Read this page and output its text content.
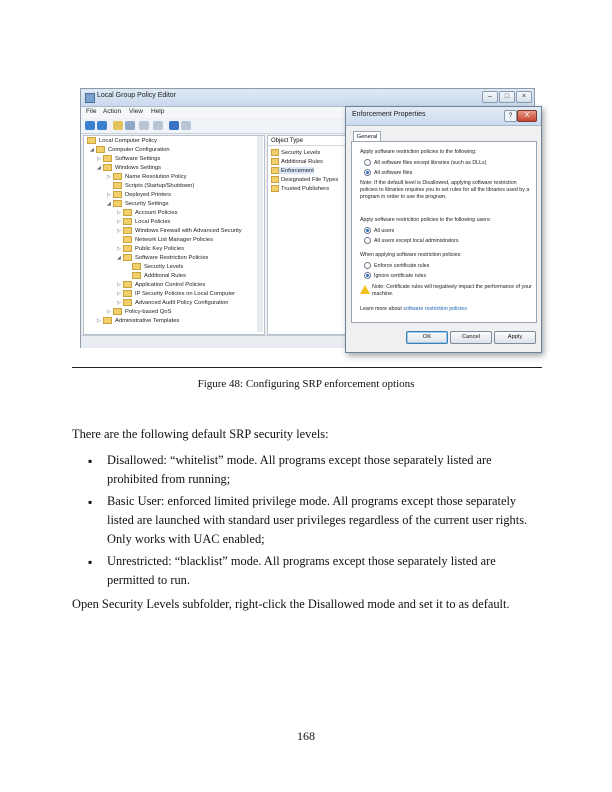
Local Group Policy Editor	–	□	×
File Action View Help
Local Computer Policy
◢ Computer Configuration
▷ Software Settings
◢ Windows Settings
▷ Name Resolution Policy
Scripts (Startup/Shutdown)
▷ Deployed Printers
◢ Security Settings
▷ Account Policies
▷ Local Policies
▷ Windows Firewall with Advanced Security
Network List Manager Policies
▷ Public Key Policies
◢ Software Restriction Policies
Security Levels
Additional Rules
▷ Application Control Policies
▷ IP Security Policies on Local Computer
▷ Advanced Audit Policy Configuration
▷ Policy-based QoS
▷ Administrative Templates
Object Type
Security Levels
Additional Rules
Enforcement
Designated File Types
Trusted Publishers
Enforcement Properties	?	X
General
Apply software restriction policies to the following:
All software files except libraries (such as DLLs)
All software files
Note: If the default level is Disallowed, applying software restriction policies to libraries requires you to set rules for all the libraries used by a program in order to use the program.
Apply software restriction policies to the following users:
All users
All users except local administrators
When applying software restriction policies:
Enforce certificate rules
Ignore certificate rules
Note: Certificate rules will negatively impact the performance of your machine.
Learn more about software restriction policies
OK	Cancel	Apply
Figure 48: Configuring SRP enforcement options
There are the following default SRP security levels:
▪ Disallowed: “whitelist” mode. All programs except those separately listed are prohibited from running;
▪ Basic User: enforced limited privilege mode. All programs except those separately listed are launched with standard user privileges regardless of the current user rights. Only works with UAC enabled;
▪ Unrestricted: “blacklist” mode. All programs except those separately listed are permitted to run.
Open Security Levels subfolder, right-click the Disallowed mode and set it to as default.
168
